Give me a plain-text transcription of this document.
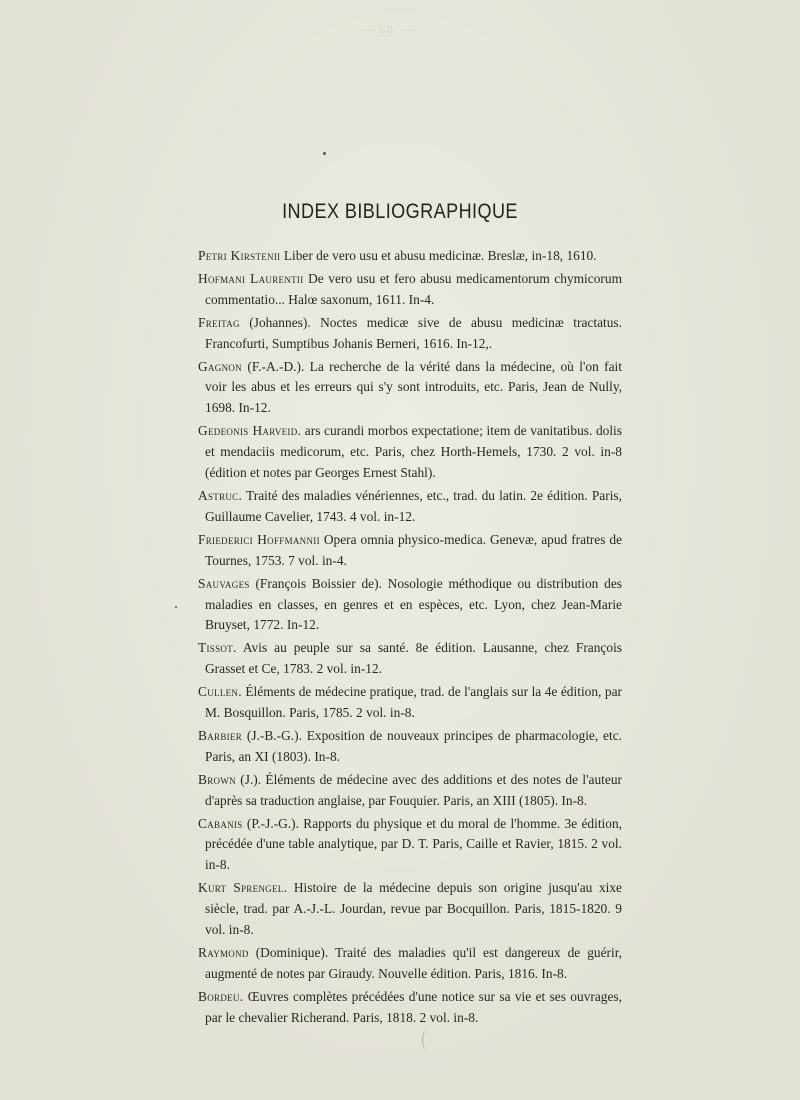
— 68 —
INDEX BIBLIOGRAPHIQUE
Petri Kirstenii Liber de vero usu et abusu medicinæ. Breslæ, in-18, 1610.
Hofmani Laurentii De vero usu et fero abusu medicamentorum chymicorum commentatio... Halœ saxonum, 1611. In-4.
Freitag (Johannes). Noctes medicæ sive de abusu medicinæ tractatus. Francofurti, Sumptibus Johanis Berneri, 1616. In-12,.
Gagnon (F.-A.-D.). La recherche de la vérité dans la médecine, où l'on fait voir les abus et les erreurs qui s'y sont introduits, etc. Paris, Jean de Nully, 1698. In-12.
Gedeonis Harveid. ars curandi morbos expectatione; item de vanitatibus. dolis et mendaciis medicorum, etc. Paris, chez Horth-Hemels, 1730. 2 vol. in-8 (édition et notes par Georges Ernest Stahl).
Astruc. Traité des maladies vénériennes, etc., trad. du latin. 2e édition. Paris, Guillaume Cavelier, 1743. 4 vol. in-12.
Friederici Hoffmannii Opera omnia physico-medica. Genevæ, apud fratres de Tournes, 1753. 7 vol. in-4.
Sauvages (François Boissier de). Nosologie méthodique ou distribution des maladies en classes, en genres et en espèces, etc. Lyon, chez Jean-Marie Bruyset, 1772. In-12.
Tissot. Avis au peuple sur sa santé. 8e édition. Lausanne, chez François Grasset et Ce, 1783. 2 vol. in-12.
Cullen. Éléments de médecine pratique, trad. de l'anglais sur la 4e édition, par M. Bosquillon. Paris, 1785. 2 vol. in-8.
Barbier (J.-B.-G.). Exposition de nouveaux principes de pharmacologie, etc. Paris, an XI (1803). In-8.
Brown (J.). Éléments de médecine avec des additions et des notes de l'auteur d'après sa traduction anglaise, par Fouquier. Paris, an XIII (1805). In-8.
Cabanis (P.-J.-G.). Rapports du physique et du moral de l'homme. 3e édition, précédée d'une table analytique, par D. T. Paris, Caille et Ravier, 1815. 2 vol. in-8.
Kurt Sprengel. Histoire de la médecine depuis son origine jusqu'au xixe siècle, trad. par A.-J.-L. Jourdan, revue par Bocquillon. Paris, 1815-1820. 9 vol. in-8.
Raymond (Dominique). Traité des maladies qu'il est dangereux de guérir, augmenté de notes par Giraudy. Nouvelle édition. Paris, 1816. In-8.
Bordeu. Œuvres complètes précédées d'une notice sur sa vie et ses ouvrages, par le chevalier Richerand. Paris, 1818. 2 vol. in-8.
